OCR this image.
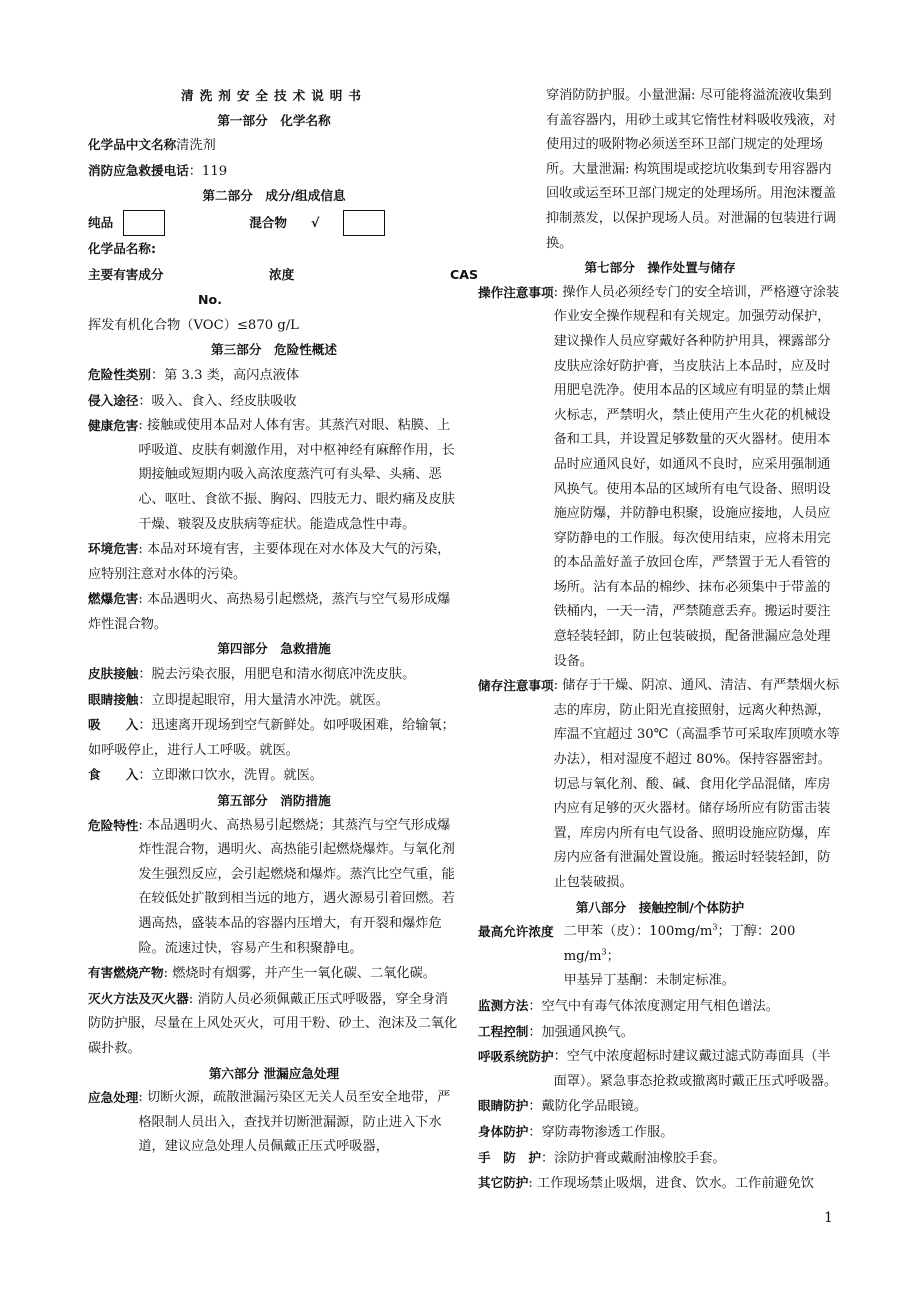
清洗剂安全技术说明书
第一部分　化学名称
化学品中文名称清洗剂
消防应急救援电话：119
第二部分　成分/组成信息
纯品	混合物 √
化学品名称:
主要有害成分	浓度	CAS
No.
挥发有机化合物（VOC）≤870 g/L
第三部分　危险性概述
危险性类别：第 3.3 类，高闪点液体
侵入途径：吸入、食入、经皮肤吸收
健康危害 : 接触或使用本品对人体有害。其蒸汽对眼、粘膜、上呼吸道、皮肤有刺激作用，对中枢神经有麻醉作用，长期接触或短期内吸入高浓度蒸汽可有头晕、头痛、恶心、呕吐、食欲不振、胸闷、四肢无力、眼灼痛及皮肤干燥、皲裂及皮肤病等症状。能造成急性中毒。
环境危害: 本品对环境有害，主要体现在对水体及大气的污染，应特别注意对水体的污染。
燃爆危害: 本品遇明火、高热易引起燃烧，蒸汽与空气易形成爆炸性混合物。
第四部分　急救措施
皮肤接触：脱去污染衣服，用肥皂和清水彻底冲洗皮肤。
眼睛接触：立即提起眼帘，用大量清水冲洗。就医。
吸　　入：迅速离开现场到空气新鲜处。如呼吸困难，给输氧；如呼吸停止，进行人工呼吸。就医。
食　　入：立即漱口饮水，洗胃。就医。
第五部分　消防措施
危险特性 : 本品遇明火、高热易引起燃烧；其蒸汽与空气形成爆炸性混合物，遇明火、高热能引起燃烧爆炸。与氧化剂发生强烈反应，会引起燃烧和爆炸。蒸汽比空气重，能在较低处扩散到相当远的地方，遇火源易引着回燃。若遇高热，盛装本品的容器内压增大，有开裂和爆炸危险。流速过快，容易产生和积聚静电。
有害燃烧产物: 燃烧时有烟雾，并产生一氧化碳、二氧化碳。
灭火方法及灭火器: 消防人员必须佩戴正压式呼吸器，穿全身消防防护服，尽量在上风处灭火，可用干粉、砂土、泡沫及二氧化碳扑救。
第六部分 泄漏应急处理
应急处理 : 切断火源，疏散泄漏污染区无关人员至安全地带，严格限制人员出入，查找并切断泄漏源，防止进入下水道，建议应急处理人员佩戴正压式呼吸器，
穿消防防护服。小量泄漏: 尽可能将溢流液收集到有盖容器内，用砂土或其它惰性材料吸收残液，对使用过的吸附物必须送至环卫部门规定的处理场所。大量泄漏: 构筑围堤或挖坑收集到专用容器内回收或运至环卫部门规定的处理场所。用泡沫覆盖抑制蒸发，以保护现场人员。对泄漏的包装进行调换。
第七部分　操作处置与储存
操作注意事项 : 操作人员必须经专门的安全培训，严格遵守涂装作业安全操作规程和有关规定。加强劳动保护，建议操作人员应穿戴好各种防护用具，裸露部分皮肤应涂好防护膏，当皮肤沾上本品时，应及时用肥皂洗净。使用本品的区域应有明显的禁止烟火标志，严禁明火，禁止使用产生火花的机械设备和工具，并设置足够数量的灭火器材。使用本品时应通风良好，如通风不良时，应采用强制通风换气。使用本品的区域所有电气设备、照明设施应防爆，并防静电积聚，设施应接地，人员应穿防静电的工作服。每次使用结束，应将未用完的本品盖好盖子放回仓库，严禁置于无人看管的场所。沾有本品的棉纱、抹布必须集中于带盖的铁桶内，一天一清，严禁随意丢弃。搬运时要注意轻装轻卸，防止包装破损，配备泄漏应急处理设备。
储存注意事项 : 储存于干燥、阴凉、通风、清洁、有严禁烟火标志的库房，防止阳光直接照射，远离火种热源，库温不宜超过 30℃（高温季节可采取库顶喷水等办法），相对湿度不超过 80%。保持容器密封。切忌与氧化剂、酸、碱、食用化学品混储，库房内应有足够的灭火器材。储存场所应有防雷击装置，库房内所有电气设备、照明设施应防爆，库房内应备有泄漏处置设施。搬运时轻装轻卸，防止包装破损。
第八部分　接触控制/个体防护
最高允许浓度 二甲苯（皮）：$100mg/m^3$；丁醇：200 $mg/m^3$；
甲基异丁基酮：未制定标准。
监测方法：空气中有毒气体浓度测定用气相色谱法。
工程控制：加强通风换气。
呼吸系统防护 ：空气中浓度超标时建议戴过滤式防毒面具（半面罩）。紧急事态抢救或撤离时戴正压式呼吸器。
眼睛防护：戴防化学品眼镜。
身体防护：穿防毒物渗透工作服。
手　防　护：涂防护膏或戴耐油橡胶手套。
其它防护: 工作现场禁止吸烟，进食、饮水。工作前避免饮
1
